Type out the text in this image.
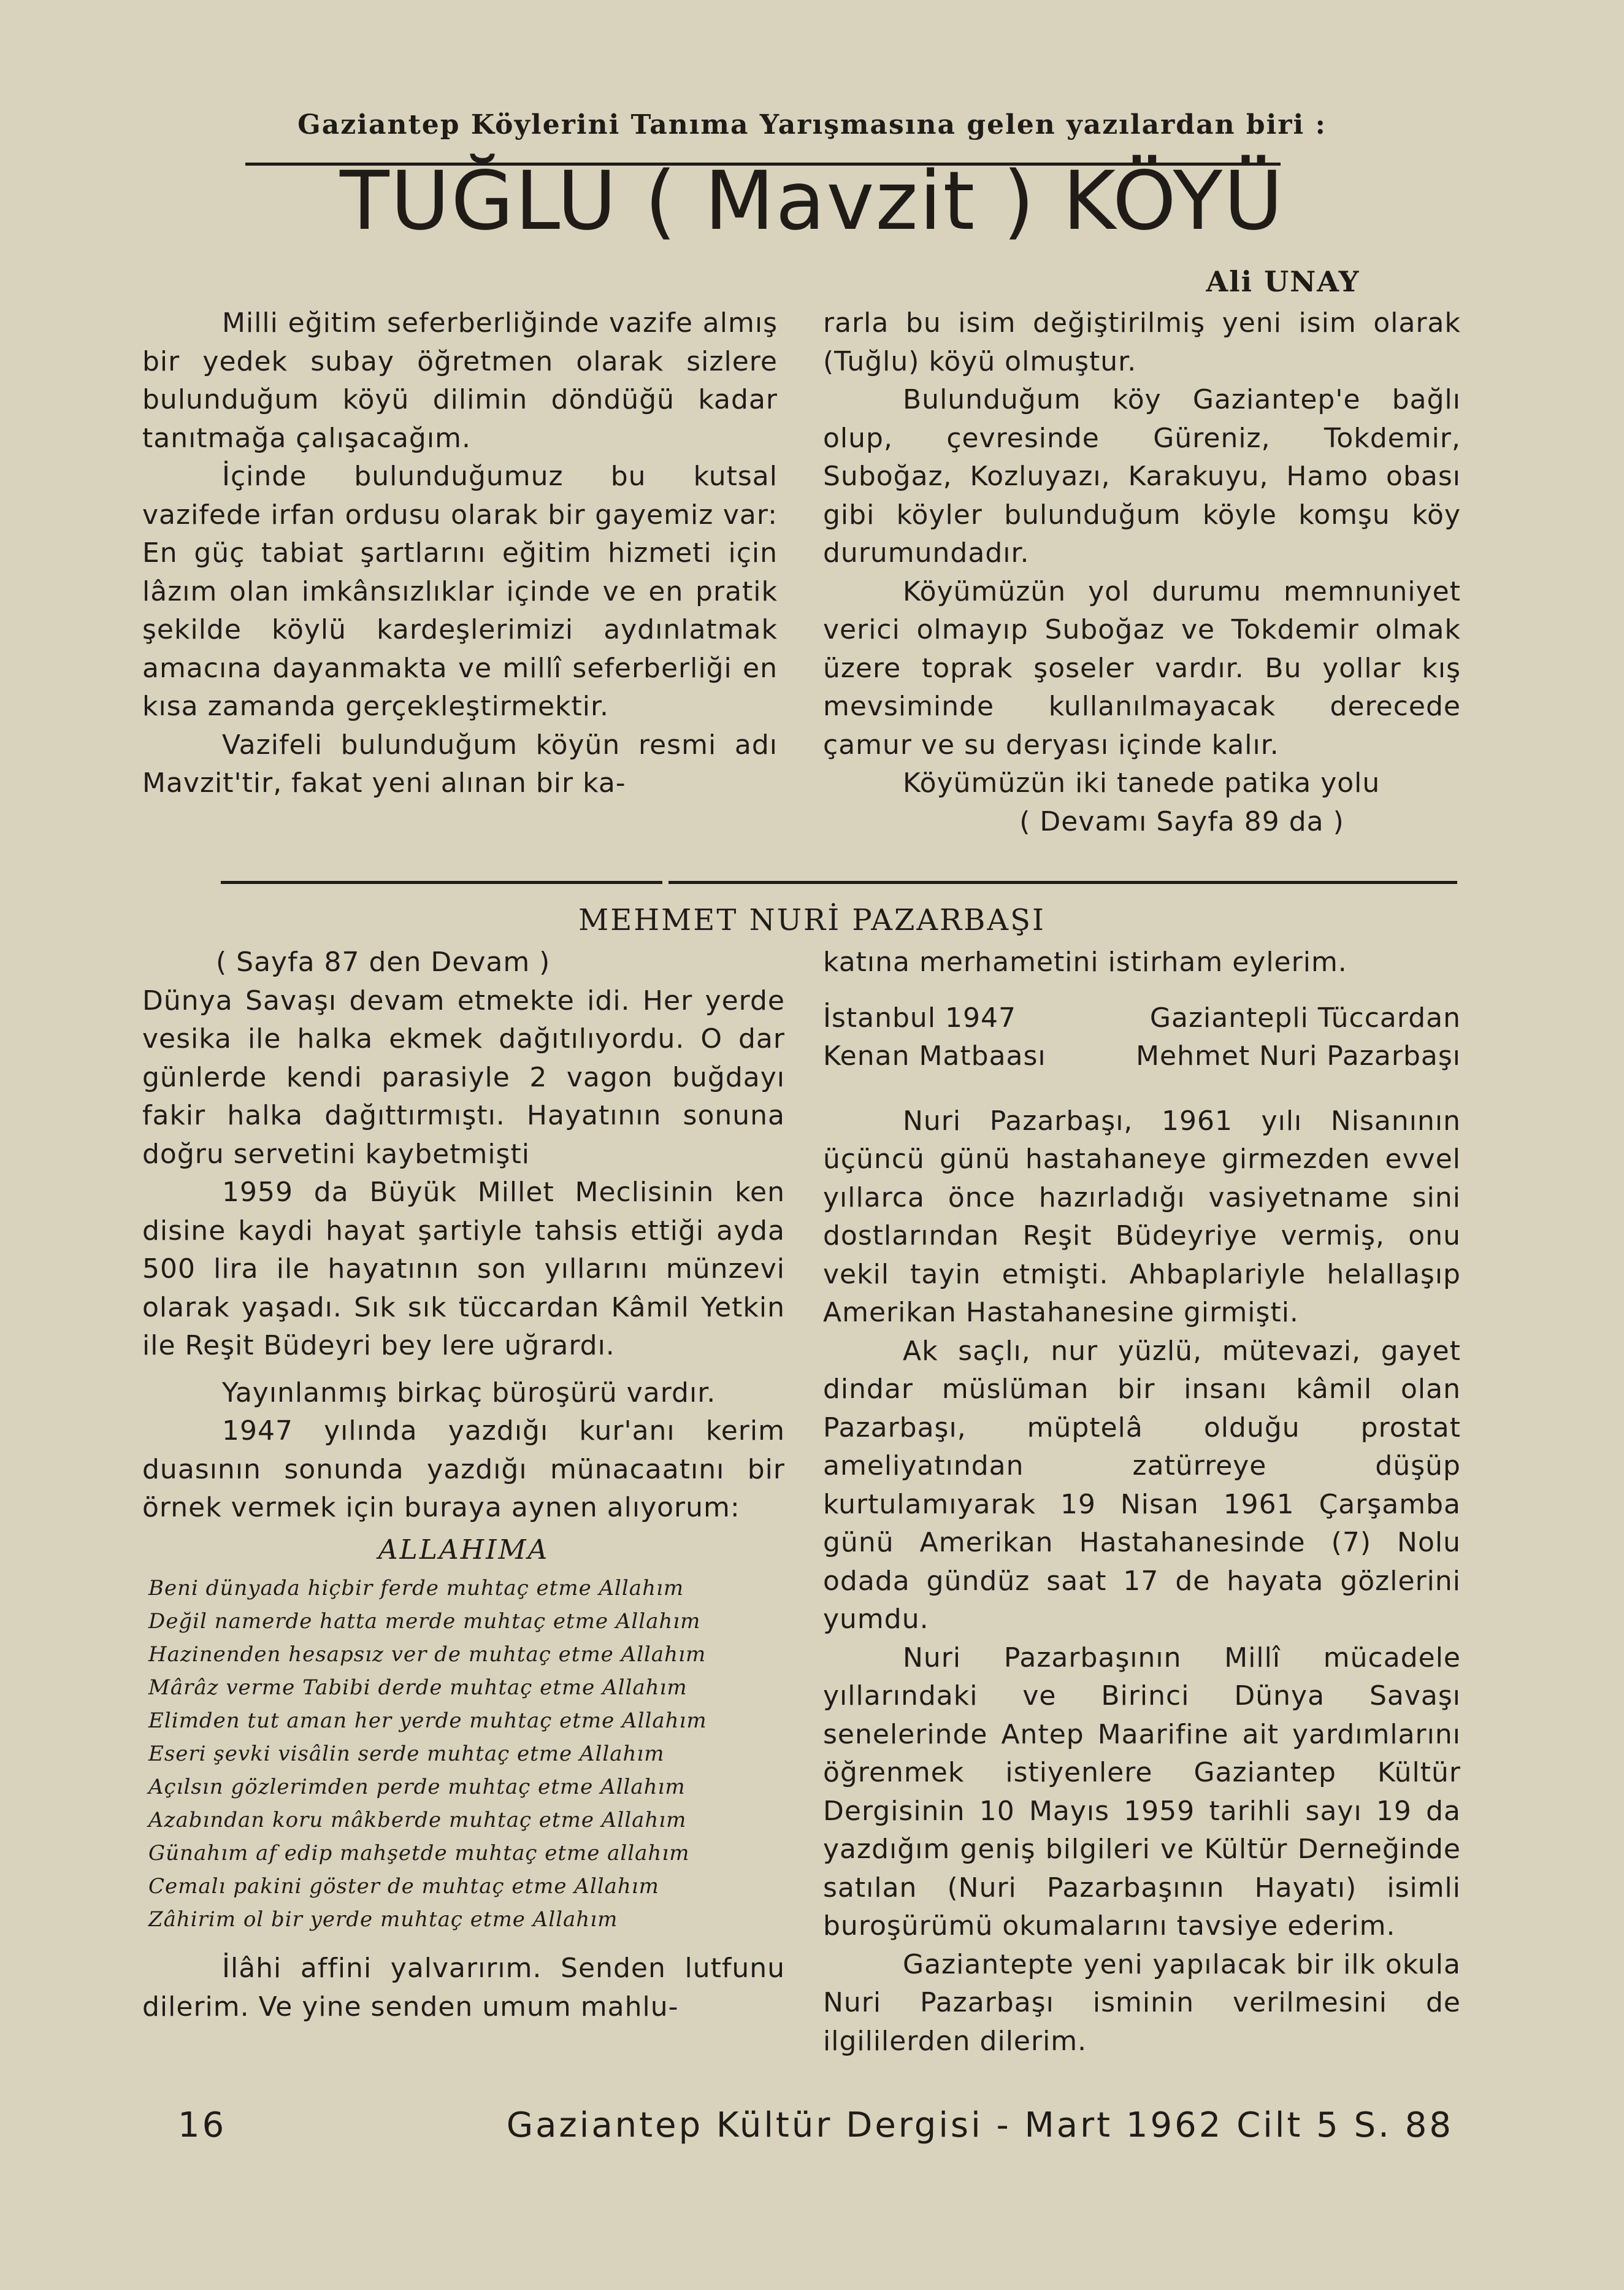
Gaziantep Köylerini Tanıma Yarışmasına gelen yazılardan biri :
TUĞLU ( Mavzit ) KÖYÜ
Ali UNAY

Milli eğitim seferberliğinde vazife almış bir yedek subay öğretmen olarak sizlere bulunduğum köyü dilimin döndüğü kadar tanıtmağa çalışacağım.

İçinde bulunduğumuz bu kutsal vazifede irfan ordusu olarak bir gayemiz var: En güç tabiat şartlarını eğitim hizmeti için lâzım olan imkânsızlıklar içinde ve en pratik şekilde köylü kardeşlerimizi aydınlatmak amacına dayanmakta ve millî seferberliği en kısa zamanda gerçekleştirmektir.

Vazifeli bulunduğum köyün resmi adı Mavzit'tir, fakat yeni alınan bir ka-

rarla bu isim değiştirilmiş yeni isim olarak (Tuğlu) köyü olmuştur.

Bulunduğum köy Gaziantep'e bağlı olup, çevresinde Güreniz, Tokdemir, Suboğaz, Kozluyazı, Karakuyu, Hamo obası gibi köyler bulunduğum köyle komşu köy durumundadır.

Köyümüzün yol durumu memnuniyet verici olmayıp Suboğaz ve Tokdemir olmak üzere toprak şoseler vardır. Bu yollar kış mevsiminde kullanılmayacak derecede çamur ve su deryası içinde kalır.

Köyümüzün iki tanede patika yolu

( Devamı Sayfa 89 da )

MEHMET NURİ PAZARBAŞI

( Sayfa 87 den Devam )

Dünya Savaşı devam etmekte idi. Her yerde vesika ile halka ekmek dağıtılıyordu. O dar günlerde kendi parasiyle 2 vagon buğdayı fakir halka dağıttırmıştı. Hayatının sonuna doğru servetini kaybetmişti

1959 da Büyük Millet Meclisinin ken disine kaydi hayat şartiyle tahsis ettiği ayda 500 lira ile hayatının son yıllarını münzevi olarak yaşadı. Sık sık tüccardan Kâmil Yetkin ile Reşit Büdeyri bey lere uğrardı.

Yayınlanmış birkaç büroşürü vardır.

1947 yılında yazdığı kur'anı kerim duasının sonunda yazdığı münacaatını bir örnek vermek için buraya aynen alıyorum:

ALLAHIMA
Beni dünyada hiçbir ferde muhtaç etme Allahım
Değil namerde hatta merde muhtaç etme Allahım
Hazinenden hesapsız ver de muhtaç etme Allahım
Mârâz verme Tabibi derde muhtaç etme Allahım
Elimden tut aman her yerde muhtaç etme Allahım
Eseri şevki visâlin serde muhtaç etme Allahım
Açılsın gözlerimden perde muhtaç etme Allahım
Azabından koru mâkberde muhtaç etme Allahım
Günahım af edip mahşetde muhtaç etme allahım
Cemalı pakini göster de muhtaç etme Allahım
Zâhirim ol bir yerde muhtaç etme Allahım

İlâhi affini yalvarırım. Senden lutfunu dilerim. Ve yine senden umum mahlu-

katına merhametini istirham eylerim.

İstanbul 1947	Gaziantepli Tüccardan
Kenan Matbaası	Mehmet Nuri Pazarbaşı

Nuri Pazarbaşı, 1961 yılı Nisanının üçüncü günü hastahaneye girmezden evvel yıllarca önce hazırladığı vasiyetname sini dostlarından Reşit Büdeyriye vermiş, onu vekil tayin etmişti. Ahbaplariyle helallaşıp Amerikan Hastahanesine girmişti.

Ak saçlı, nur yüzlü, mütevazi, gayet dindar müslüman bir insanı kâmil olan Pazarbaşı, müptelâ olduğu prostat ameliyatından zatürreye düşüp kurtulamıyarak 19 Nisan 1961 Çarşamba günü Amerikan Hastahanesinde (7) Nolu odada gündüz saat 17 de hayata gözlerini yumdu.

Nuri Pazarbaşının Millî mücadele yıllarındaki ve Birinci Dünya Savaşı senelerinde Antep Maarifine ait yardımlarını öğrenmek istiyenlere Gaziantep Kültür Dergisinin 10 Mayıs 1959 tarihli sayı 19 da yazdığım geniş bilgileri ve Kültür Derneğinde satılan (Nuri Pazarbaşının Hayatı) isimli buroşürümü okumalarını tavsiye ederim.

Gaziantepte yeni yapılacak bir ilk okula Nuri Pazarbaşı isminin verilmesini de ilgililerden dilerim.

16	Gaziantep Kültür Dergisi - Mart 1962 Cilt 5 S. 88
